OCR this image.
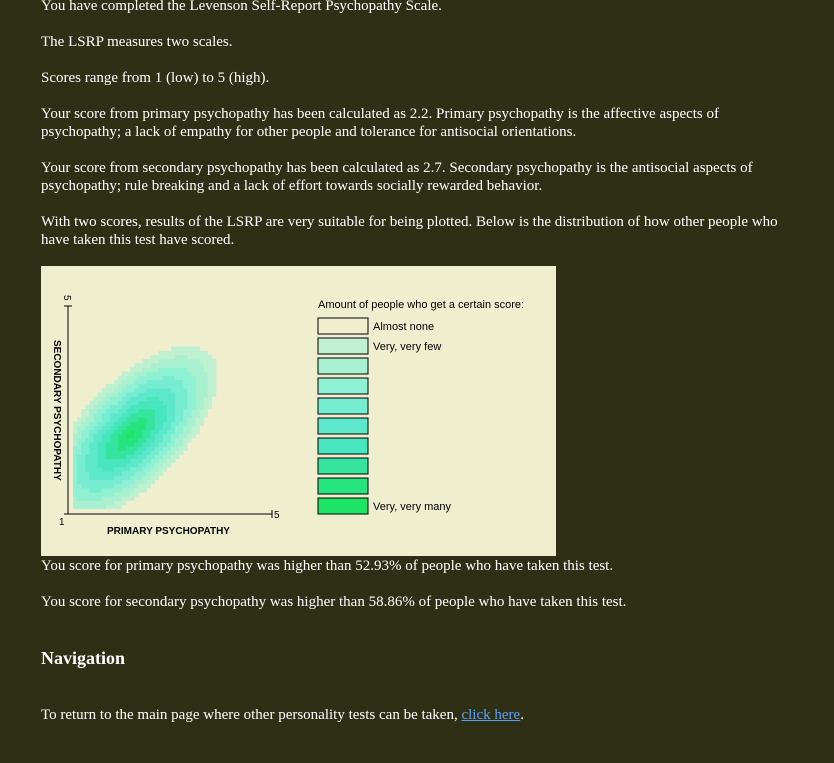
You have completed the Levenson Self-Report Psychopathy Scale.

The LSRP measures two scales.

Scores range from 1 (low) to 5 (high).

Your score from primary psychopathy has been calculated as 2.2. Primary psychopathy is the affective aspects of psychopathy; a lack of empathy for other people and tolerance for antisocial orientations.

Your score from secondary psychopathy has been calculated as 2.7. Secondary psychopathy is the antisocial aspects of psychopathy; rule breaking and a lack of effort towards socially rewarded behavior.

With two scores, results of the LSRP are very suitable for being plotted. Below is the distribution of how other people who have taken this test have scored.

5
1
5
PRIMARY PSYCHOPATHY
SECONDARY PSYCHOPATHY
Amount of people who get a certain score:
Almost none
Very, very few
Very, very many

You score for primary psychopathy was higher than 52.93% of people who have taken this test.

You score for secondary psychopathy was higher than 58.86% of people who have taken this test.

Navigation

To return to the main page where other personality tests can be taken, click here.
